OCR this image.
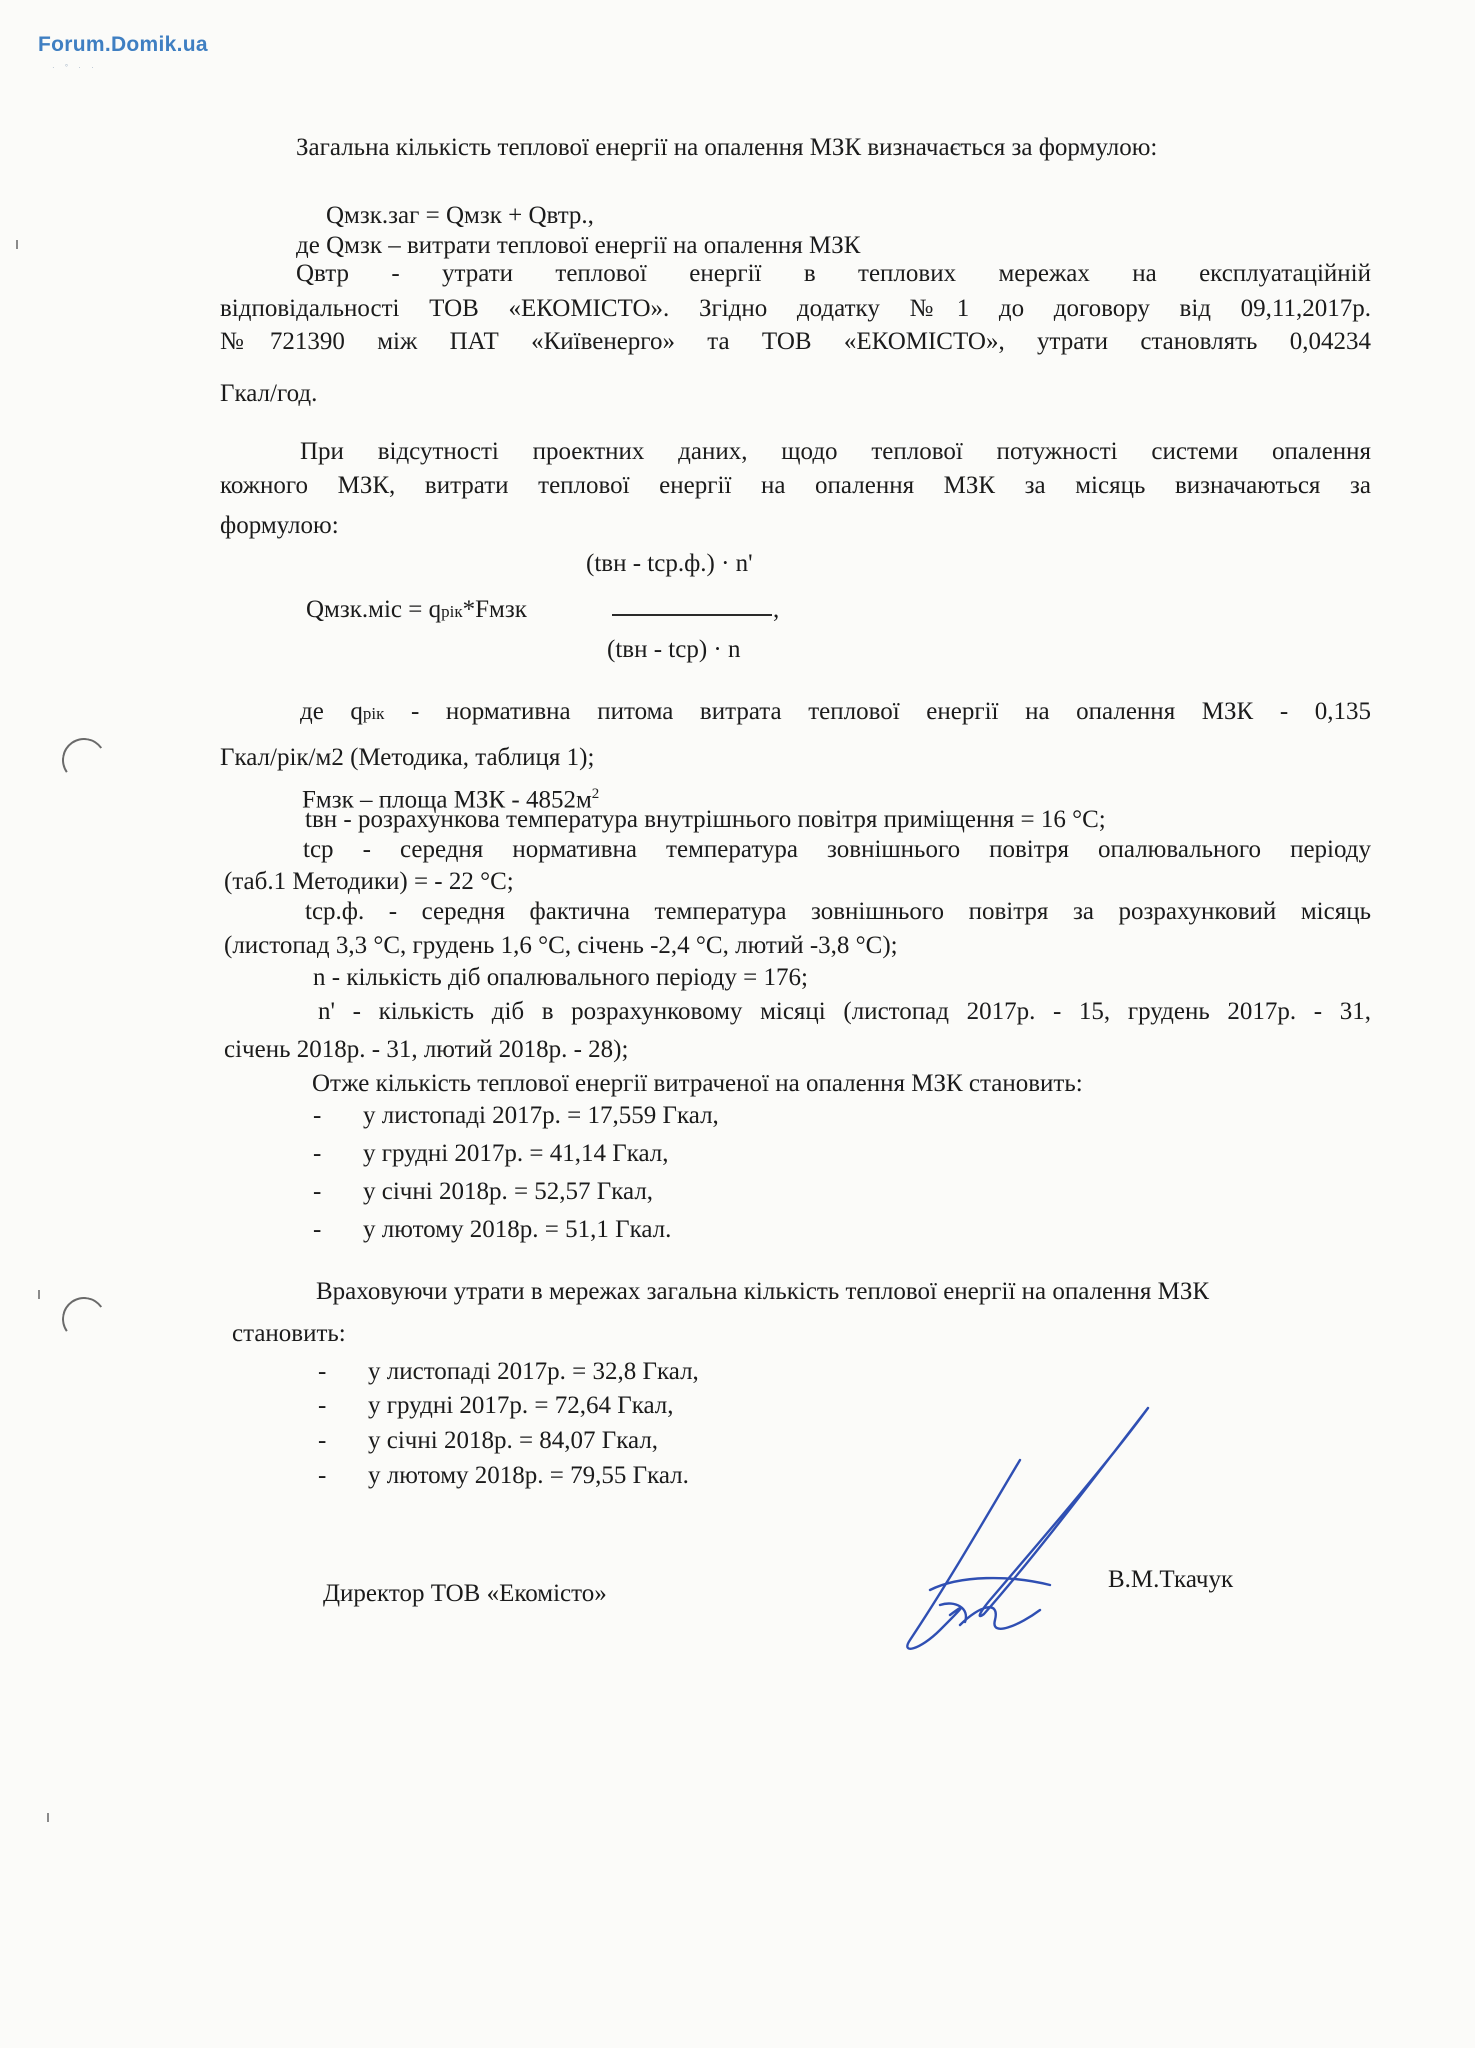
Forum.Domik.ua
· ° · ·
Загальна кількість теплової енергії на опалення МЗК визначається за формулою:
Qмзк.заг = Qмзк + Qвтр.,
де Qмзк – витрати теплової енергії на опалення МЗК
Qвтр - утрати теплової енергії в теплових мережах на експлуатаційній
відповідальності ТОВ «ЕКОМІСТО». Згідно додатку №1 до договору від 09,11,2017р.
№721390 між ПАТ «Київенерго» та ТОВ «ЕКОМІСТО», утрати становлять 0,04234
Гкал/год.
При відсутності проектних даних, щодо теплової потужності системи опалення
кожного МЗК, витрати теплової енергії на опалення МЗК за місяць визначаються за
формулою:
(tвн - tср.ф.) · n'
Qмзк.міс = qрік*Fмзк	,
(tвн - tср) · n
де qрік - нормативна питома витрата теплової енергії на опалення МЗК - 0,135
Гкал/рік/м2 (Методика, таблиця 1);
Fмзк – площа МЗК - $4852м^2$
tвн - розрахункова температура внутрішнього повітря приміщення = 16 °С;
tср - середня нормативна температура зовнішнього повітря опалювального періоду
(таб.1 Методики) = - 22 °С;
tср.ф. - середня фактична температура зовнішнього повітря за розрахунковий місяць
(листопад 3,3 °С, грудень 1,6 °С, січень -2,4 °С, лютий -3,8 °С);
n - кількість діб опалювального періоду = 176;
n' - кількість діб в розрахунковому місяці (листопад 2017р. - 15, грудень 2017р. - 31,
січень 2018р. - 31, лютий 2018р. - 28);
Отже кількість теплової енергії витраченої на опалення МЗК становить:
- у листопаді 2017р. = 17,559 Гкал,
- у грудні 2017р. = 41,14 Гкал,
- у січні 2018р. = 52,57 Гкал,
- у лютому 2018р. = 51,1 Гкал.
Враховуючи утрати в мережах загальна кількість теплової енергії на опалення МЗК
становить:
- у листопаді 2017р. = 32,8 Гкал,
- у грудні 2017р. = 72,64 Гкал,
- у січні 2018р. = 84,07 Гкал,
- у лютому 2018р. = 79,55 Гкал.
Директор ТОВ «Екомісто»
В.М.Ткачук
